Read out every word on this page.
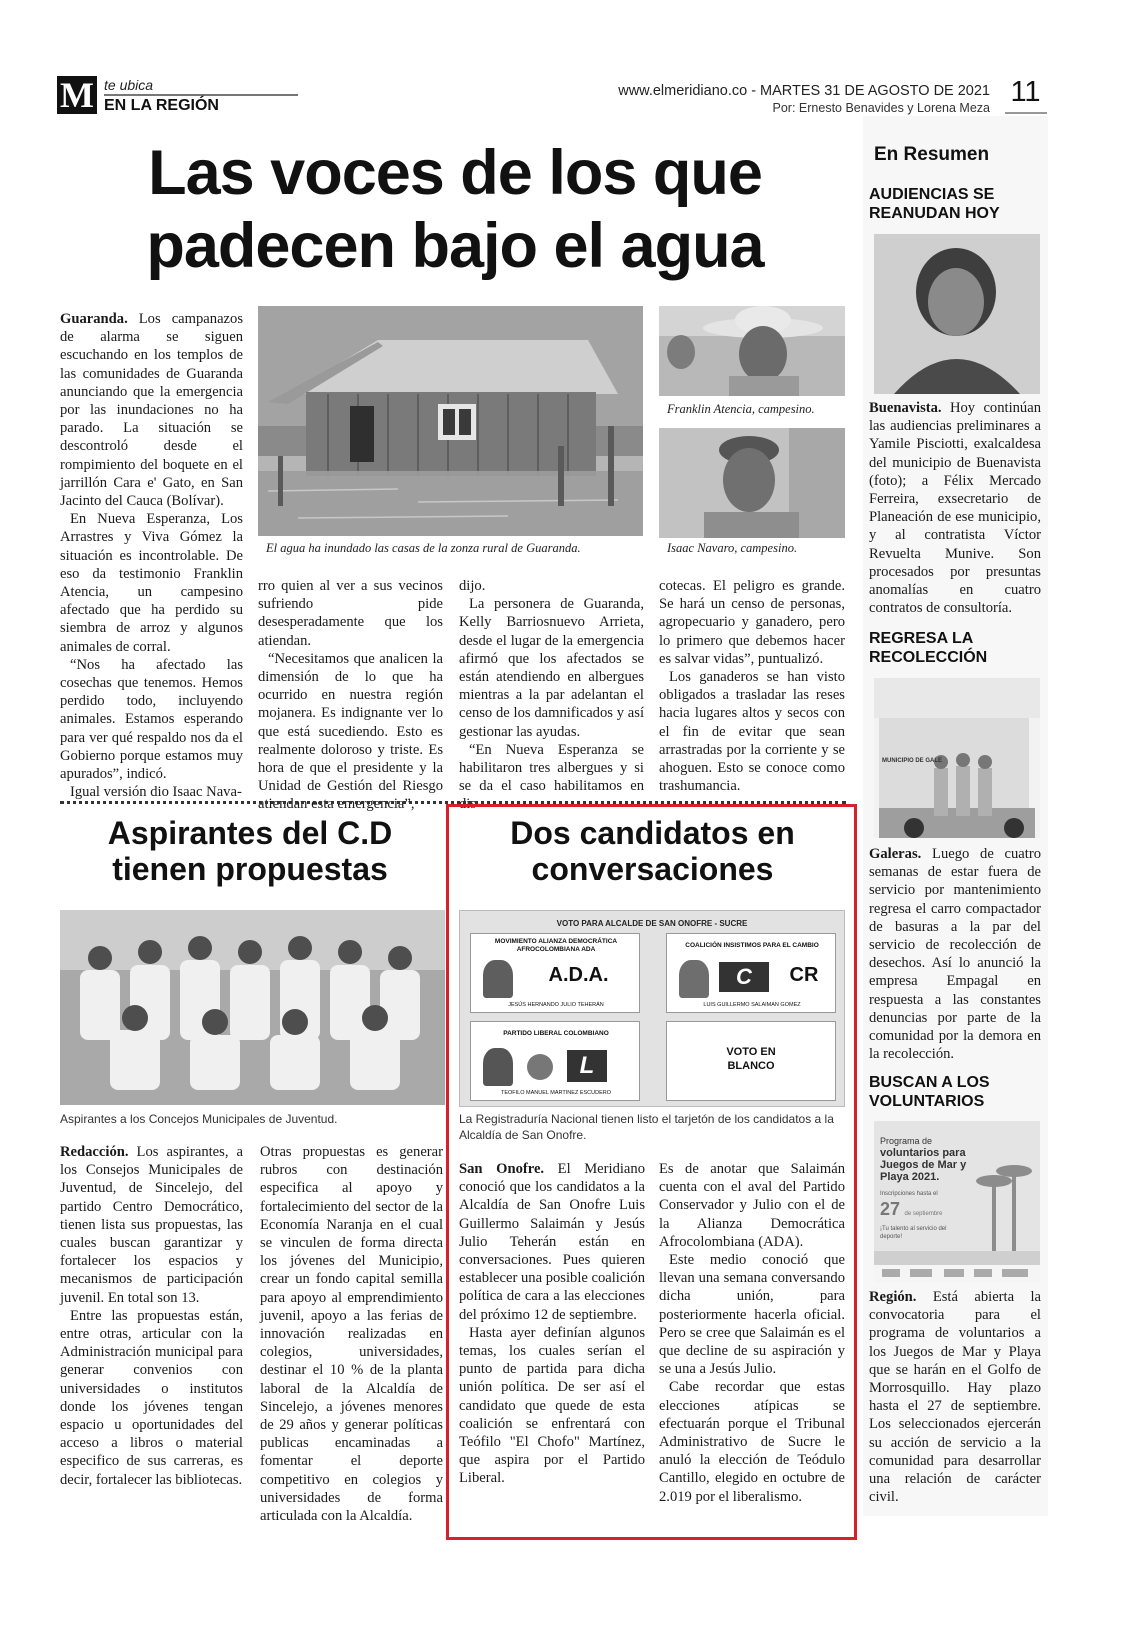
M te ubica
EN LA REGIÓN
www.elmeridiano.co - MARTES 31 DE AGOSTO DE 2021
Por: Ernesto Benavides y Lorena Meza 11
Las voces de los que
padecen bajo el agua

Guaranda. Los campanazos de alarma se siguen escuchando en los templos de las comunidades de Guaranda anunciando que la emergencia por las inundaciones no ha parado. La situación se descontroló desde el rompimiento del boquete en el jarrillón Cara e' Gato, en San Jacinto del Cauca (Bolívar).

En Nueva Esperanza, Los Arrastres y Viva Gómez la situación es incontrolable. De eso da testimonio Franklin Atencia, un campesino afectado que ha perdido su siembra de arroz y algunos animales de corral.

“Nos ha afectado las cosechas que tenemos. Hemos perdido todo, incluyendo animales. Estamos esperando para ver qué respaldo nos da el Gobierno porque estamos muy apurados”, indicó.

Igual versión dio Isaac Nava-

El agua ha inundado las casas de la zonza rural de Guaranda.
Franklin Atencia, campesino.
Isaac Navaro, campesino.

rro quien al ver a sus vecinos sufriendo pide desesperadamente que los atiendan.

“Necesitamos que analicen la dimensión de lo que ha ocurrido en nuestra región mojanera. Es indignante ver lo que está sucediendo. Esto es realmente doloroso y triste. Es hora de que el presidente y la Unidad de Gestión del Riesgo atiendan esta emergencia”,

dijo.

La personera de Guaranda, Kelly Barriosnuevo Arrieta, desde el lugar de la emergencia afirmó que los afectados se están atendiendo en albergues mientras a la par adelantan el censo de los damnificados y así gestionar las ayudas.

“En Nueva Esperanza se habilitaron tres albergues y si se da el caso habilitamos en dis-

cotecas. El peligro es grande. Se hará un censo de personas, agropecuario y ganadero, pero lo primero que debemos hacer es salvar vidas”, puntualizó.

Los ganaderos se han visto obligados a trasladar las reses hacia lugares altos y secos con el fin de evitar que sean arrastradas por la corriente y se ahoguen. Esto se conoce como trashumancia.

Aspirantes del C.D
tienen propuestas
Aspirantes a los Concejos Municipales de Juventud.

Redacción. Los aspirantes, a los Consejos Municipales de Juventud, de Sincelejo, del partido Centro Democrático, tienen lista sus propuestas, las cuales buscan garantizar y fortalecer los espacios y mecanismos de participación juvenil. En total son 13.

Entre las propuestas están, entre otras, articular con la Administración municipal para generar convenios con universidades o institutos donde los jóvenes tengan espacio u oportunidades del acceso a libros o material especifico de sus carreras, es decir, fortalecer las bibliotecas.

Otras propuestas es generar rubros con destinación especifica al apoyo y fortalecimiento del sector de la Economía Naranja en el cual se vinculen de forma directa los jóvenes del Municipio, crear un fondo capital semilla para apoyo al emprendimiento juvenil, apoyo a las ferias de innovación realizadas en colegios, universidades, destinar el 10 % de la planta laboral de la Alcaldía de Sincelejo, a jóvenes menores de 29 años y generar políticas publicas encaminadas a fomentar el deporte competitivo en colegios y universidades de forma articulada con la Alcaldía.

Dos candidatos en
conversaciones
VOTO PARA ALCALDE DE SAN ONOFRE - SUCRE
MOVIMIENTO ALIANZA DEMOCRÁTICA AFROCOLOMBIANA ADA
A.D.A.
JESÚS HERNANDO JULIO TEHERÁN
COALICIÓN INSISTIMOS PARA EL CAMBIO
C	CR
LUIS GUILLERMO SALAIMAN GOMEZ
PARTIDO LIBERAL COLOMBIANO
L
TEOFILO MANUEL MARTINEZ ESCUDERO
VOTO EN
BLANCO
La Registraduría Nacional tienen listo el tarjetón de los candidatos a la Alcaldía de San Onofre.

San Onofre. El Meridiano conoció que los candidatos a la Alcaldía de San Onofre Luis Guillermo Salaimán y Jesús Julio Teherán están en conversaciones. Pues quieren establecer una posible coalición política de cara a las elecciones del próximo 12 de septiembre.

Hasta ayer definían algunos temas, los cuales serían el punto de partida para dicha unión política. De ser así el candidato que quede de esta coalición se enfrentará con Teófilo "El Chofo" Martínez, que aspira por el Partido Liberal.

Es de anotar que Salaimán cuenta con el aval del Partido Conservador y Julio con el de la Alianza Democrática Afrocolombiana (ADA).

Este medio conoció que llevan una semana conversando dicha unión, para posteriormente hacerla oficial. Pero se cree que Salaimán es el que decline de su aspiración y se una a Jesús Julio.

Cabe recordar que estas elecciones atípicas se efectuarán porque el Tribunal Administrativo de Sucre le anuló la elección de Teódulo Cantillo, elegido en octubre de 2.019 por el liberalismo.

En Resumen
AUDIENCIAS SE
REANUDAN HOY
Buenavista. Hoy continúan las audiencias preliminares a Yamile Pisciotti, exalcaldesa del municipio de Buenavista (foto); a Félix Mercado Ferreira, exsecretario de Planeación de ese municipio, y al contratista Víctor Revuelta Munive. Son procesados por presuntas anomalías en cuatro contratos de consultoría.
REGRESA LA
RECOLECCIÓN
MUNICIPIO DE GALE
Galeras. Luego de cuatro semanas de estar fuera de servicio por mantenimiento regresa el carro compactador de basuras a la par del servicio de recolección de desechos. Así lo anunció la empresa Empagal en respuesta a las constantes denuncias por parte de la comunidad por la demora en la recolección.
BUSCAN A LOS
VOLUNTARIOS
Programa de
voluntarios para
Juegos de Mar y
Playa 2021.
Inscripciones hasta el
27 de septiembre
¡Tu talento al servicio del deporte!
Región. Está abierta la convocatoria para el programa de voluntarios a los Juegos de Mar y Playa que se harán en el Golfo de Morrosquillo. Hay plazo hasta el 27 de septiembre. Los seleccionados ejercerán su acción de servicio a la comunidad para desarrollar una relación de carácter civil.
